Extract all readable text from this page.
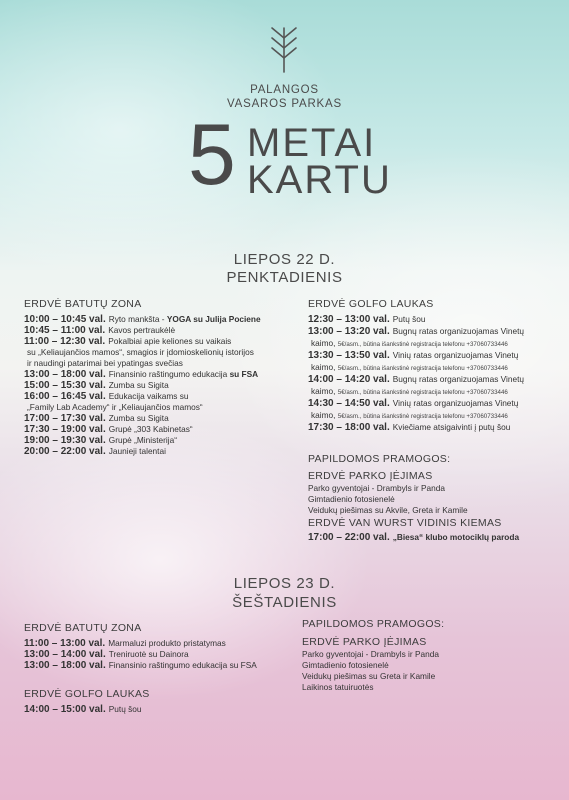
PALANGOS
VASAROS PARKAS
5 METAI
KARTU
LIEPOS 22 D.
PENKTADIENIS
ERDVĖ BATUTŲ ZONA
10:00 – 10:45 val. Ryto mankšta - YOGA su Julija Pociene
10:45 – 11:00 val. Kavos pertraukėlė
11:00 – 12:30 val. Pokalbiai apie keliones su vaikais
su „Keliaujančios mamos“, smagios ir įdomioskelionių istorijos
ir naudingi patarimai bei ypatingas svečias
13:00 – 18:00 val. Finansinio raštingumo edukacija su FSA
15:00 – 15:30 val. Zumba su Sigita
16:00 – 16:45 val. Edukacija vaikams su
„Family Lab Academy“ ir „Keliaujančios mamos“
17:00 – 17:30 val. Zumba su Sigita
17:30 – 19:00 val. Grupė „303 Kabinetas“
19:00 – 19:30 val. Grupė „Ministerija“
20:00 – 22:00 val. Jaunieji talentai
ERDVĖ GOLFO LAUKAS
12:30 – 13:00 val. Putų šou
13:00 – 13:20 val. Bugnų ratas organizuojamas Vinetų
kaimo, 5€/asm., būtina išankstinė registracija telefonu +37060733446
13:30 – 13:50 val. Vinių ratas organizuojamas Vinetų
kaimo, 5€/asm., būtina išankstinė registracija telefonu +37060733446
14:00 – 14:20 val. Bugnų ratas organizuojamas Vinetų
kaimo, 5€/asm., būtina išankstinė registracija telefonu +37060733446
14:30 – 14:50 val. Vinių ratas organizuojamas Vinetų
kaimo, 5€/asm., būtina išankstinė registracija telefonu +37060733446
17:30 – 18:00 val. Kviečiame atsigaivinti į putų šou
PAPILDOMOS PRAMOGOS:
ERDVĖ PARKO ĮĖJIMAS
Parko gyventojai - Drambyls ir Panda
Gimtadienio fotosienelė
Veidukų piešimas su Akvile, Greta ir Kamile
ERDVĖ VAN WURST VIDINIS KIEMAS
17:00 – 22:00 val. „Biesa“ klubo motociklų paroda
LIEPOS 23 D.
ŠEŠTADIENIS
ERDVĖ BATUTŲ ZONA
11:00 – 13:00 val. Marmaluzi produkto pristatymas
13:00 – 14:00 val. Treniruotė su Dainora
13:00 – 18:00 val. Finansinio raštingumo edukacija su FSA
ERDVĖ GOLFO LAUKAS
14:00 – 15:00 val. Putų šou
PAPILDOMOS PRAMOGOS:
ERDVĖ PARKO ĮĖJIMAS
Parko gyventojai - Drambyls ir Panda
Gimtadienio fotosienelė
Veidukų piešimas su Greta ir Kamile
Laikinos tatuiruotės
